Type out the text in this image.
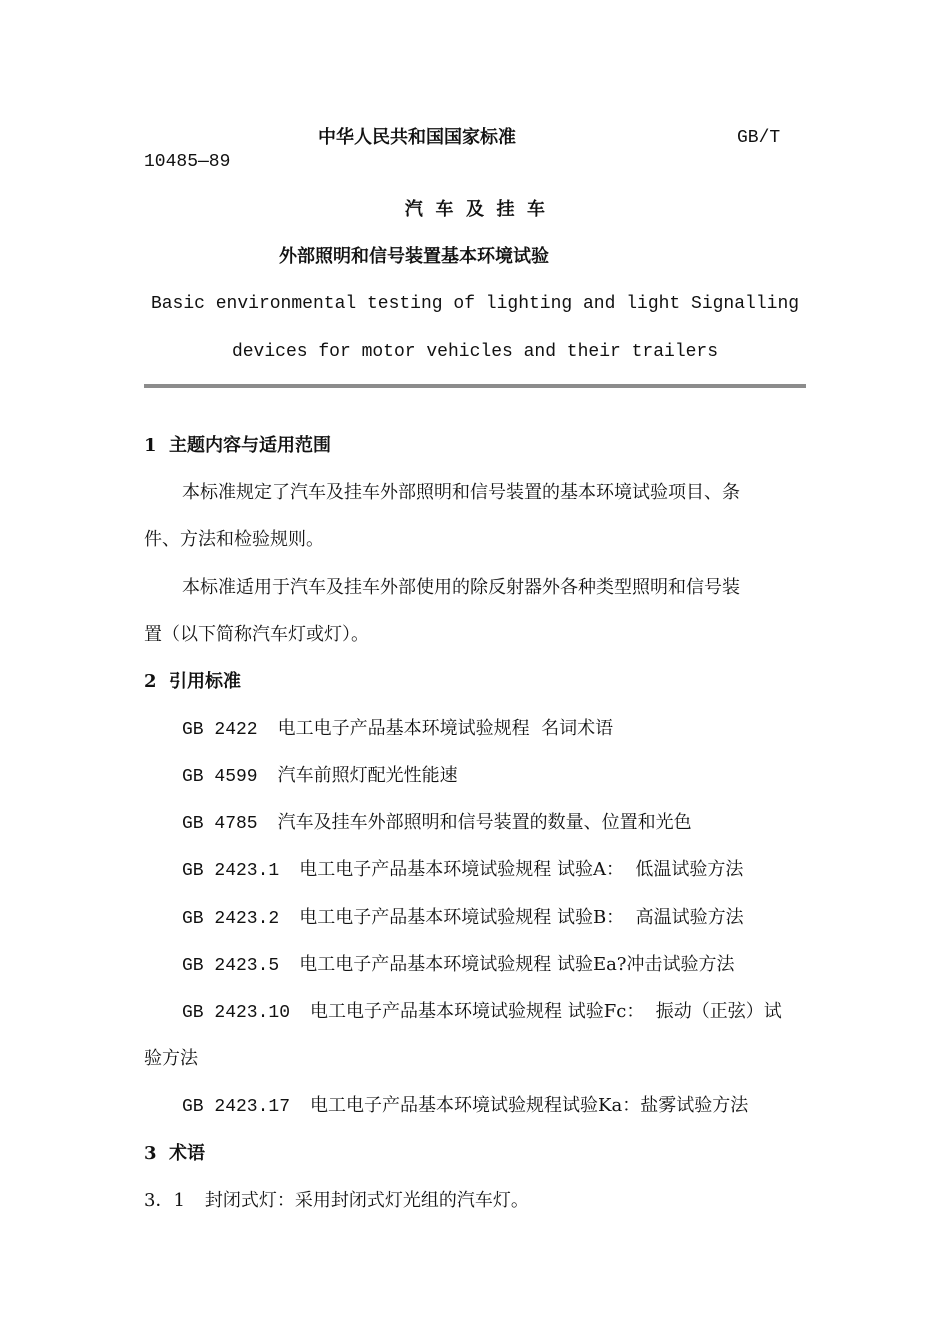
中华人民共和国国家标准	GB/T
10485—89
汽  车  及  挂  车
外部照明和信号装置基本环境试验
Basic environmental testing of lighting and light Signalling
devices for motor vehicles and their trailers
1  主题内容与适用范围
本标准规定了汽车及挂车外部照明和信号装置的基本环境试验项目、条
件、方法和检验规则。
本标准适用于汽车及挂车外部使用的除反射器外各种类型照明和信号装
置（以下简称汽车灯或灯）。
2  引用标准
GB 2422 电工电子产品基本环境试验规程  名词术语
GB 4599 汽车前照灯配光性能速
GB 4785 汽车及挂车外部照明和信号装置的数量、位置和光色
GB 2423.1 电工电子产品基本环境试验规程 试验A：  低温试验方法
GB 2423.2 电工电子产品基本环境试验规程 试验B：  高温试验方法
GB 2423.5 电工电子产品基本环境试验规程 试验Ea?冲击试验方法
GB 2423.10 电工电子产品基本环境试验规程 试验Fc：  振动（正弦）试
验方法
GB 2423.17 电工电子产品基本环境试验规程试验Ka：盐雾试验方法
3  术语
3．1 封闭式灯：采用封闭式灯光组的汽车灯。
